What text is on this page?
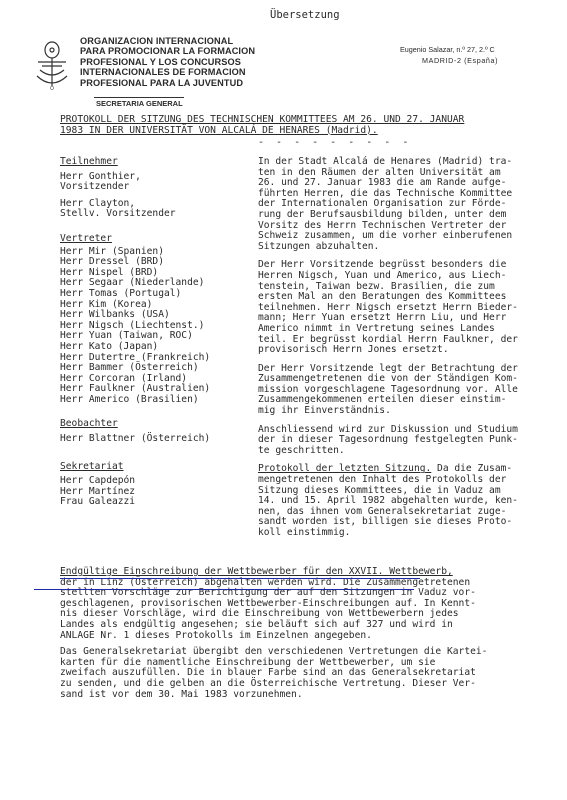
Übersetzung
Ο
ORGANIZACION INTERNACIONAL
PARA PROMOCIONAR LA FORMACION
PROFESIONAL Y LOS CONCURSOS
INTERNACIONALES DE FORMACION
PROFESIONAL PARA LA JUVENTUD
SECRETARIA GENERAL
Eugenio Salazar, n.º 27, 2.º C
MADRID-2 (España)
PROTOKOLL DER SITZUNG DES TECHNISCHEN KOMMITTEES AM 26. UND 27. JANUAR
1983 IN DER UNIVERSITÄT VON ALCALÁ DE HENARES (Madrid).
- - - - - - - - -
Teilnehmer
Herr Gonthier,
Vorsitzender
Herr Clayton,
Stellv. Vorsitzender
Vertreter
Herr Mir (Spanien)
Herr Dressel (BRD)
Herr Nispel (BRD)
Herr Segaar (Niederlande)
Herr Tomas (Portugal)
Herr Kim (Korea)
Herr Wilbanks (USA)
Herr Nigsch (Liechtenst.)
Herr Yuan (Taiwan, ROC)
Herr Kato (Japan)
Herr Dutertre (Frankreich)
Herr Bammer (Österreich)
Herr Corcoran (Irland)
Herr Faulkner (Australien)
Herr Americo (Brasilien)
Beobachter
Herr Blattner (Österreich)
Sekretariat
Herr Capdepón
Herr Martínez
Frau Galeazzi
In der Stadt Alcalá de Henares (Madrid) tra-
ten in den Räumen der alten Universität am
26. und 27. Januar 1983 die am Rande aufge-
führten Herren, die das Technische Kommittee
der Internationalen Organisation zur Förde-
rung der Berufsausbildung bilden, unter dem
Vorsitz des Herrn Technischen Vertreter der
Schweiz zusammen, um die vorher einberufenen
Sitzungen abzuhalten.
Der Herr Vorsitzende begrüsst besonders die
Herren Nigsch, Yuan und Americo, aus Liech-
tenstein, Taiwan bezw. Brasilien, die zum
ersten Mal an den Beratungen des Kommittees
teilnehmen. Herr Nigsch ersetzt Herrn Bieder-
mann; Herr Yuan ersetzt Herrn Liu, und Herr
Americo nimmt in Vertretung seines Landes
teil. Er begrüsst kordial Herrn Faulkner, der
provisorisch Herrn Jones ersetzt.
Der Herr Vorsitzende legt der Betrachtung der
Zusammengetretenen die von der Ständigen Kom-
mission vorgeschlagene Tagesordnung vor. Alle
Zusammengekommenen erteilen dieser einstim-
mig ihr Einverständnis.
Anschliessend wird zur Diskussion und Studium
der in dieser Tagesordnung festgelegten Punk-
te geschritten.
Protokoll der letzten Sitzung. Da die Zusam-
mengetretenen den Inhalt des Protokolls der
Sitzung dieses Kommittees, die in Vaduz am
14. und 15. April 1982 abgehalten wurde, ken-
nen, das ihnen vom Generalsekretariat zuge-
sandt worden ist, billigen sie dieses Proto-
koll einstimmig.
Endgültige Einschreibung der Wettbewerber für den XXVII. Wettbewerb,
der in Linz (Österreich) abgehalten werden wird. Die Zusammengetretenen
stellten Vorschläge zur Berichtigung der auf den Sitzungen in Vaduz vor-
geschlagenen, provisorischen Wettbewerber-Einschreibungen auf. In Kennt-
nis dieser Vorschläge, wird die Einschreibung von Wettbewerbern jedes
Landes als endgültig angesehen; sie beläuft sich auf 327 und wird in
ANLAGE Nr. 1 dieses Protokolls im Einzelnen angegeben.
Das Generalsekretariat übergibt den verschiedenen Vertretungen die Kartei-
karten für die namentliche Einschreibung der Wettbewerber, um sie
zweifach auszufüllen. Die in blauer Farbe sind an das Generalsekretariat
zu senden, und die gelben an die Österreichische Vertretung. Dieser Ver-
sand ist vor dem 30. Mai 1983 vorzunehmen.
